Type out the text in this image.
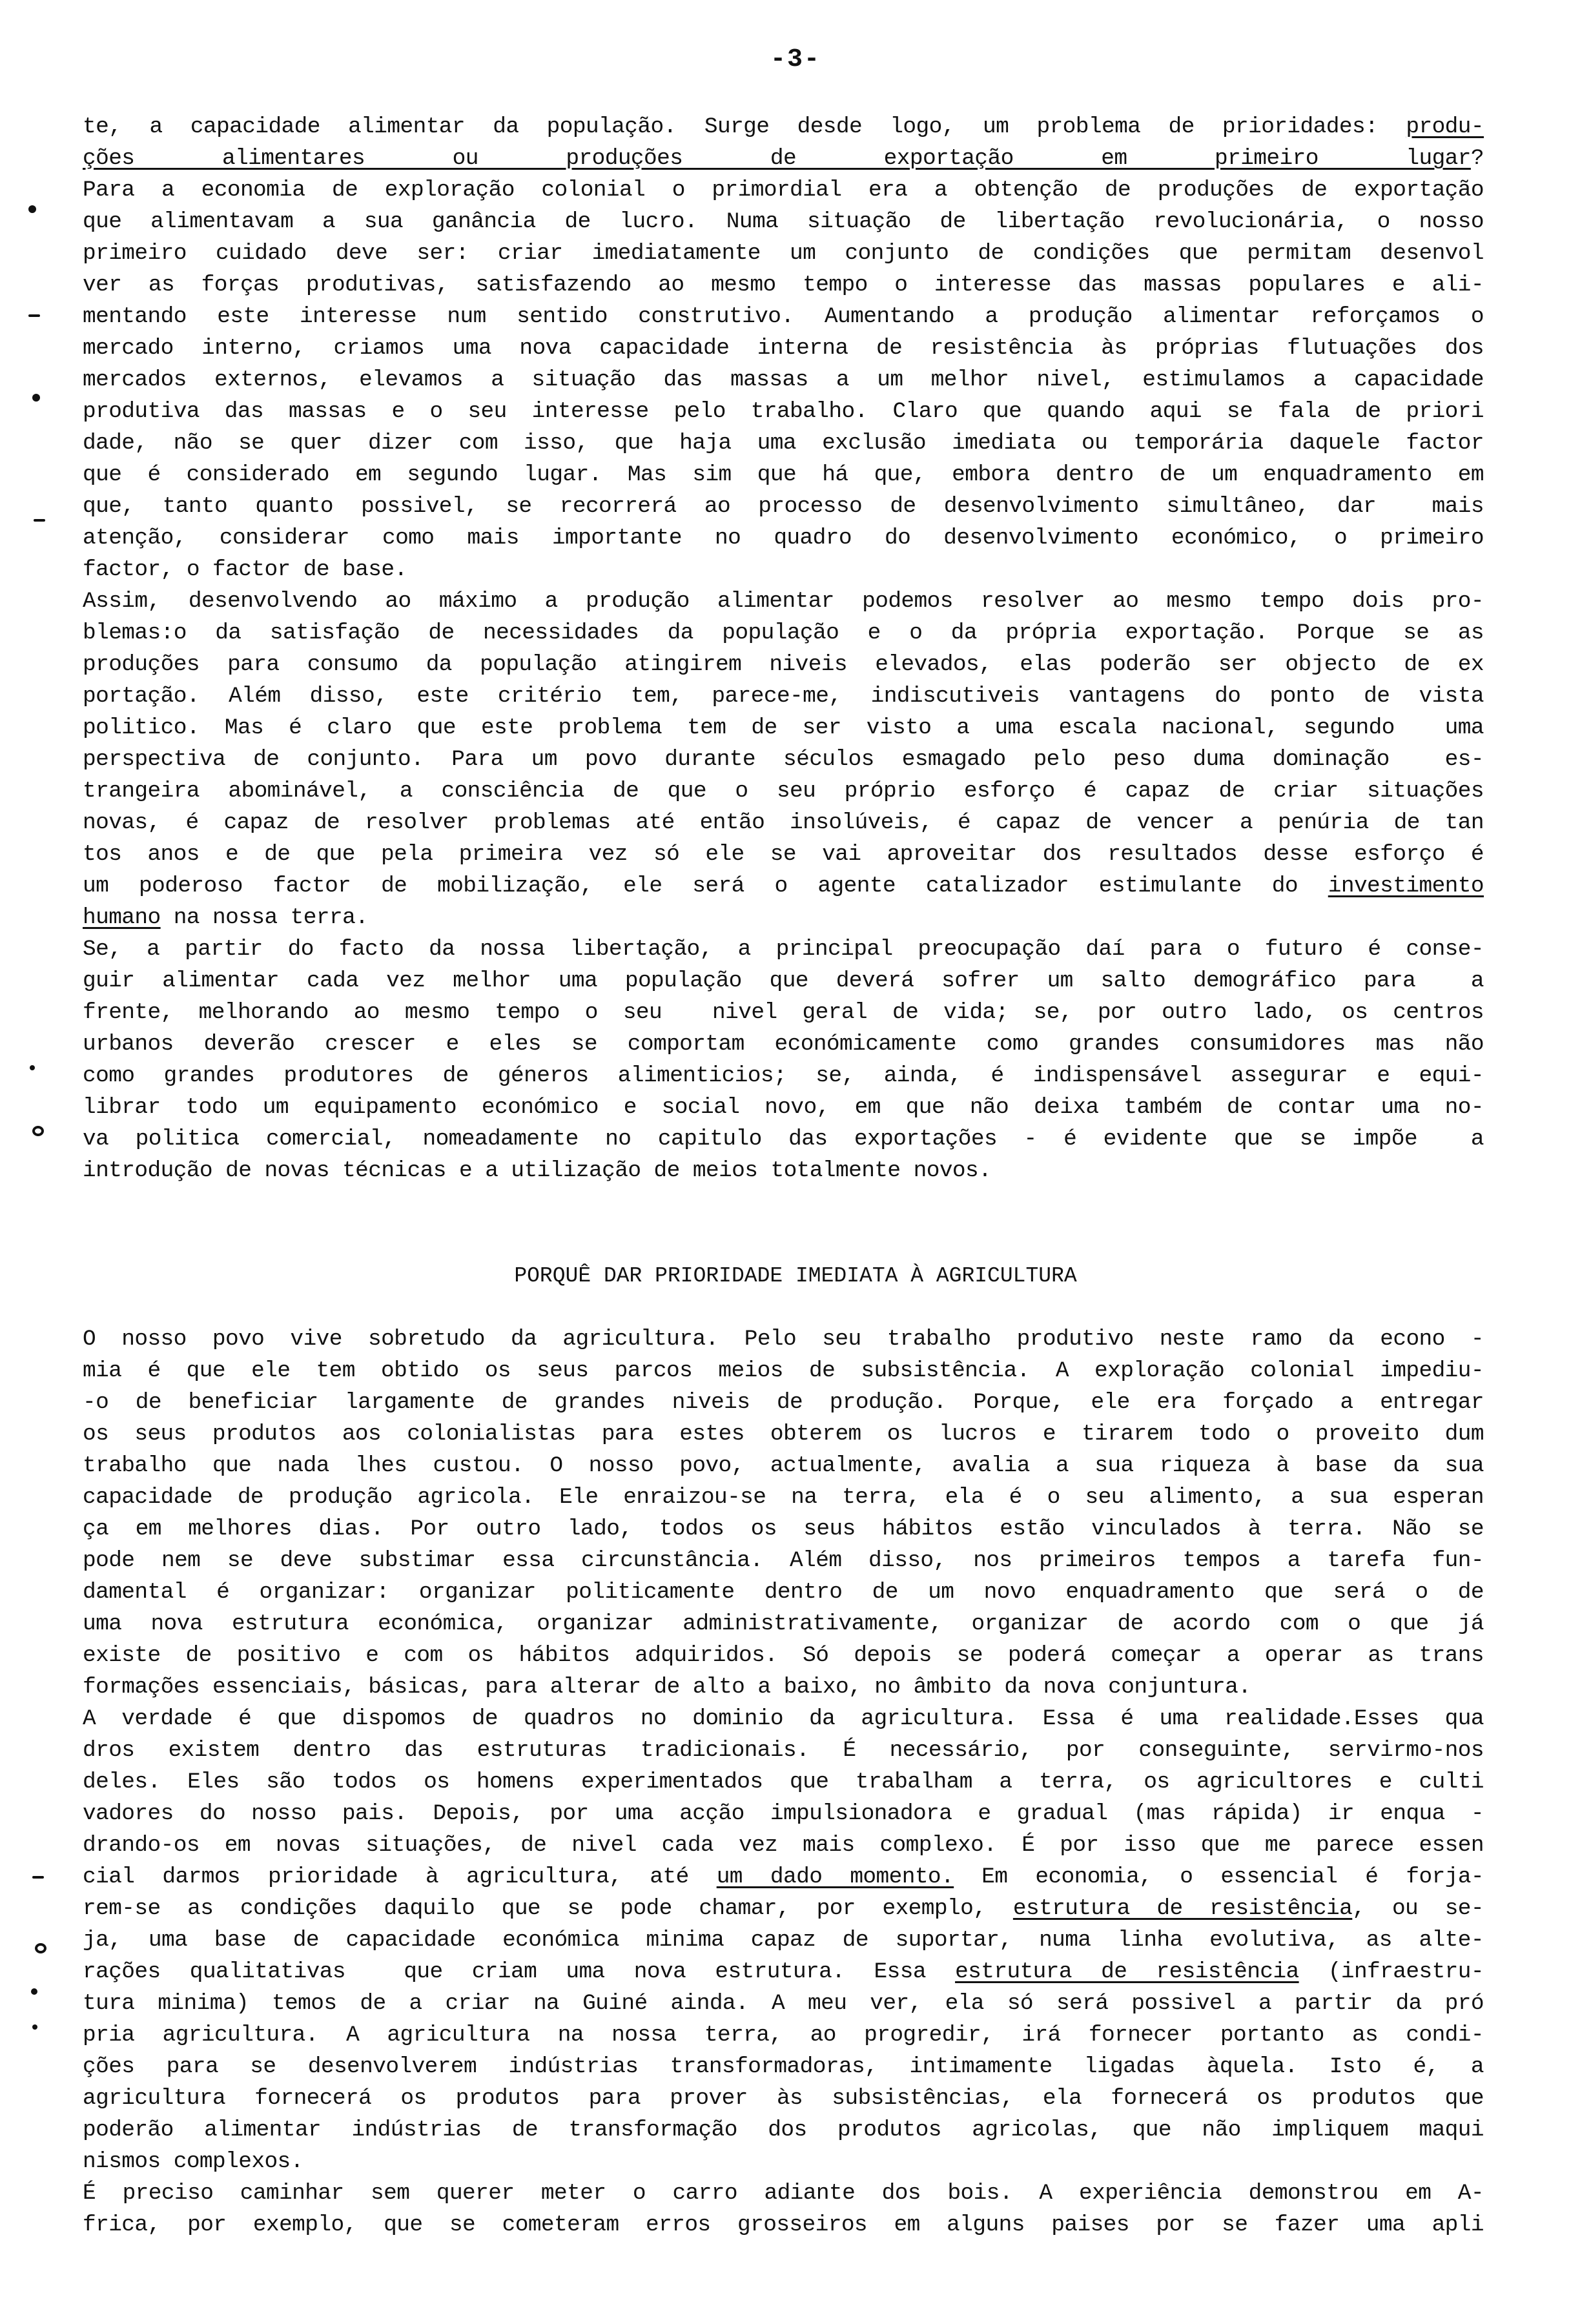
-3-
te, a capacidade alimentar da população. Surge desde logo, um problema de prioridades: produ-
ções alimentares ou produções de exportação em primeiro lugar?
Para a economia de exploração colonial o primordial era a obtenção de produções de exportação
que alimentavam a sua ganância de lucro. Numa situação de libertação revolucionária, o nosso
primeiro cuidado deve ser: criar imediatamente um conjunto de condições que permitam desenvol
ver as forças produtivas, satisfazendo ao mesmo tempo o interesse das massas populares e ali-
mentando este interesse num sentido construtivo. Aumentando a produção alimentar reforçamos o
mercado interno, criamos uma nova capacidade interna de resistência às próprias flutuações dos
mercados externos, elevamos a situação das massas a um melhor nivel, estimulamos a capacidade
produtiva das massas e o seu interesse pelo trabalho. Claro que quando aqui se fala de priori
dade, não se quer dizer com isso, que haja uma exclusão imediata ou temporária daquele factor
que é considerado em segundo lugar. Mas sim que há que, embora dentro de um enquadramento em
que, tanto quanto possivel, se recorrerá ao processo de desenvolvimento simultâneo, dar  mais
atenção, considerar como mais importante no quadro do desenvolvimento económico, o primeiro
factor, o factor de base.
Assim, desenvolvendo ao máximo a produção alimentar podemos resolver ao mesmo tempo dois pro-
blemas:o da satisfação de necessidades da população e o da própria exportação. Porque se as
produções para consumo da população atingirem niveis elevados, elas poderão ser objecto de ex
portação. Além disso, este critério tem, parece-me, indiscutiveis vantagens do ponto de vista
politico. Mas é claro que este problema tem de ser visto a uma escala nacional, segundo  uma
perspectiva de conjunto. Para um povo durante séculos esmagado pelo peso duma dominação  es-
trangeira abominável, a consciência de que o seu próprio esforço é capaz de criar situações
novas, é capaz de resolver problemas até então insolúveis, é capaz de vencer a penúria de tan
tos anos e de que pela primeira vez só ele se vai aproveitar dos resultados desse esforço é
um poderoso factor de mobilização, ele será o agente catalizador estimulante do investimento
humano na nossa terra.
Se, a partir do facto da nossa libertação, a principal preocupação daí para o futuro é conse-
guir alimentar cada vez melhor uma população que deverá sofrer um salto demográfico para  a
frente, melhorando ao mesmo tempo o seu  nivel geral de vida; se, por outro lado, os centros
urbanos deverão crescer e eles se comportam económicamente como grandes consumidores mas não
como grandes produtores de géneros alimenticios; se, ainda, é indispensável assegurar e equi-
librar todo um equipamento económico e social novo, em que não deixa também de contar uma no-
va politica comercial, nomeadamente no capitulo das exportações - é evidente que se impõe  a
introdução de novas técnicas e a utilização de meios totalmente novos.
PORQUÊ DAR PRIORIDADE IMEDIATA À AGRICULTURA
O nosso povo vive sobretudo da agricultura. Pelo seu trabalho produtivo neste ramo da econo -
mia é que ele tem obtido os seus parcos meios de subsistência. A exploração colonial impediu-
-o de beneficiar largamente de grandes niveis de produção. Porque, ele era forçado a entregar
os seus produtos aos colonialistas para estes obterem os lucros e tirarem todo o proveito dum
trabalho que nada lhes custou. O nosso povo, actualmente, avalia a sua riqueza à base da sua
capacidade de produção agricola. Ele enraizou-se na terra, ela é o seu alimento, a sua esperan
ça em melhores dias. Por outro lado, todos os seus hábitos estão vinculados à terra. Não se
pode nem se deve substimar essa circunstância. Além disso, nos primeiros tempos a tarefa fun-
damental é organizar: organizar politicamente dentro de um novo enquadramento que será o de
uma nova estrutura económica, organizar administrativamente, organizar de acordo com o que já
existe de positivo e com os hábitos adquiridos. Só depois se poderá começar a operar as trans
formações essenciais, básicas, para alterar de alto a baixo, no âmbito da nova conjuntura.
A verdade é que dispomos de quadros no dominio da agricultura. Essa é uma realidade.Esses qua
dros existem dentro das estruturas tradicionais. É necessário, por conseguinte, servirmo-nos
deles. Eles são todos os homens experimentados que trabalham a terra, os agricultores e culti
vadores do nosso pais. Depois, por uma acção impulsionadora e gradual (mas rápida) ir enqua -
drando-os em novas situações, de nivel cada vez mais complexo. É por isso que me parece essen
cial darmos prioridade à agricultura, até um dado momento. Em economia, o essencial é forja-
rem-se as condições daquilo que se pode chamar, por exemplo, estrutura de resistência, ou se-
ja, uma base de capacidade económica minima capaz de suportar, numa linha evolutiva, as alte-
rações qualitativas  que criam uma nova estrutura. Essa estrutura de resistência (infraestru-
tura minima) temos de a criar na Guiné ainda. A meu ver, ela só será possivel a partir da pró
pria agricultura. A agricultura na nossa terra, ao progredir, irá fornecer portanto as condi-
ções para se desenvolverem indústrias transformadoras, intimamente ligadas àquela. Isto é, a
agricultura fornecerá os produtos para prover às subsistências, ela fornecerá os produtos que
poderão alimentar indústrias de transformação dos produtos agricolas, que não impliquem maqui
nismos complexos.
É preciso caminhar sem querer meter o carro adiante dos bois. A experiência demonstrou em A-
frica, por exemplo, que se cometeram erros grosseiros em alguns paises por se fazer uma apli
